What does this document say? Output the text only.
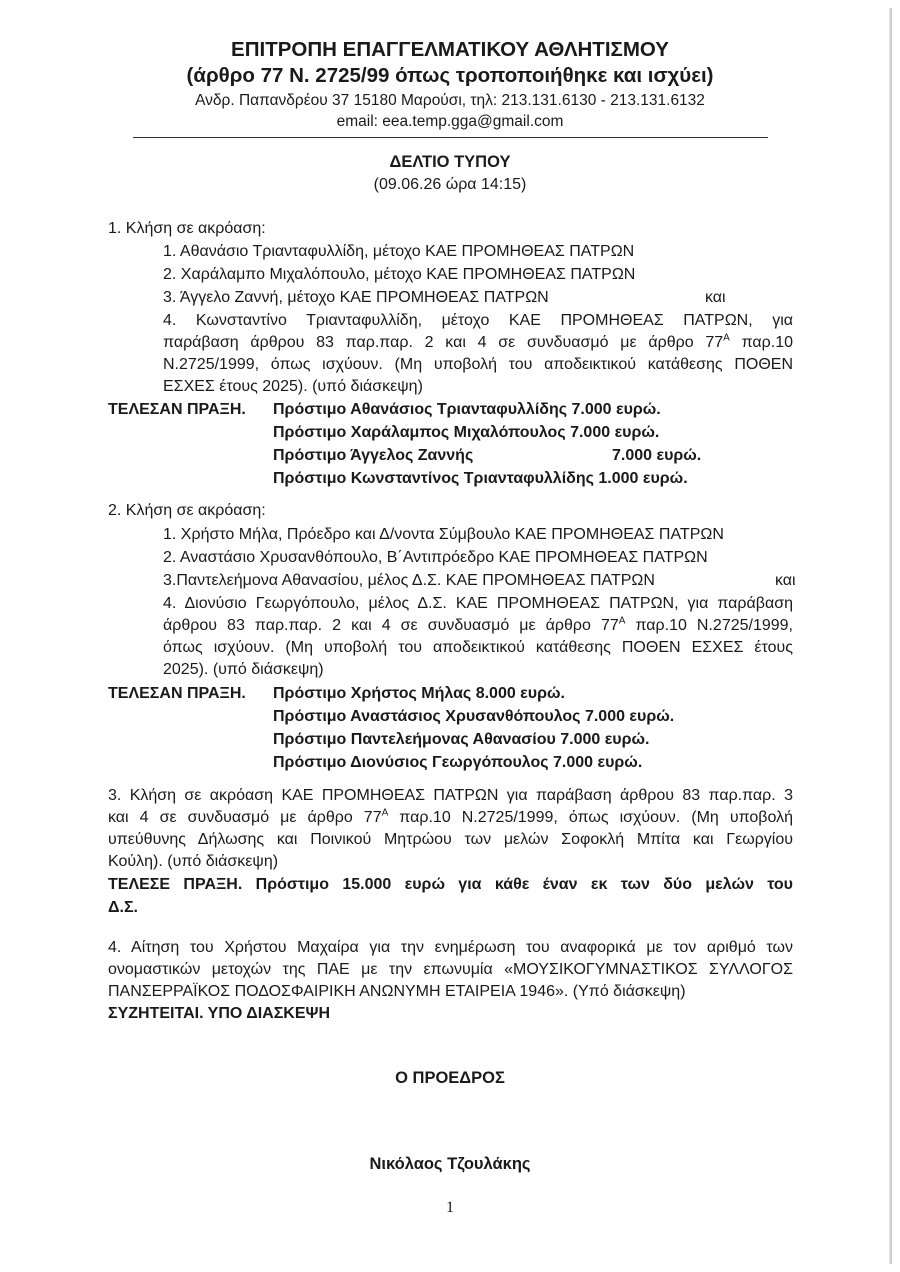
ΕΠΙΤΡΟΠΗ ΕΠΑΓΓΕΛΜΑΤΙΚΟΥ ΑΘΛΗΤΙΣΜΟΥ
(άρθρο 77 Ν. 2725/99 όπως τροποποιήθηκε και ισχύει)
Ανδρ. Παπανδρέου 37 15180 Μαρούσι, τηλ: 213.131.6130 - 213.131.6132
email: eea.temp.gga@gmail.com
ΔΕΛΤΙΟ ΤΥΠΟΥ
(09.06.26 ώρα 14:15)
1. Κλήση σε ακρόαση:
1. Αθανάσιο Τριανταφυλλίδη, μέτοχο ΚΑΕ ΠΡΟΜΗΘΕΑΣ ΠΑΤΡΩΝ
2. Χαράλαμπο Μιχαλόπουλο, μέτοχο ΚΑΕ ΠΡΟΜΗΘΕΑΣ ΠΑΤΡΩΝ
3. Άγγελο Ζαννή, μέτοχο ΚΑΕ ΠΡΟΜΗΘΕΑΣ ΠΑΤΡΩΝ	και
4. Κωνσταντίνο Τριανταφυλλίδη, μέτοχο ΚΑΕ ΠΡΟΜΗΘΕΑΣ ΠΑΤΡΩΝ, για
παράβαση άρθρου 83 παρ.παρ. 2 και 4 σε συνδυασμό με άρθρο $77^A$ παρ.10
Ν.2725/1999, όπως ισχύουν. (Μη υποβολή του αποδεικτικού κατάθεσης ΠΟΘΕΝ
ΕΣΧΕΣ έτους 2025). (υπό διάσκεψη)
ΤΕΛΕΣΑΝ ΠΡΑΞΗ. Πρόστιμο Αθανάσιος Τριανταφυλλίδης 7.000 ευρώ.
Πρόστιμο Χαράλαμπος Μιχαλόπουλος 7.000 ευρώ.
Πρόστιμο Άγγελος Ζαννής	7.000 ευρώ.
Πρόστιμο Κωνσταντίνος Τριανταφυλλίδης 1.000 ευρώ.
2. Κλήση σε ακρόαση:
1. Χρήστο Μήλα, Πρόεδρο και Δ/νοντα Σύμβουλο ΚΑΕ ΠΡΟΜΗΘΕΑΣ ΠΑΤΡΩΝ
2. Αναστάσιο Χρυσανθόπουλο, Β΄Αντιπρόεδρο ΚΑΕ ΠΡΟΜΗΘΕΑΣ ΠΑΤΡΩΝ
3.Παντελεήμονα Αθανασίου, μέλος Δ.Σ. ΚΑΕ ΠΡΟΜΗΘΕΑΣ ΠΑΤΡΩΝ	και
4. Διονύσιο Γεωργόπουλο, μέλος Δ.Σ. ΚΑΕ ΠΡΟΜΗΘΕΑΣ ΠΑΤΡΩΝ, για παράβαση
άρθρου 83 παρ.παρ. 2 και 4 σε συνδυασμό με άρθρο $77^A$ παρ.10 Ν.2725/1999,
όπως ισχύουν. (Μη υποβολή του αποδεικτικού κατάθεσης ΠΟΘΕΝ ΕΣΧΕΣ έτους
2025). (υπό διάσκεψη)
ΤΕΛΕΣΑΝ ΠΡΑΞΗ. Πρόστιμο Χρήστος Μήλας 8.000 ευρώ.
Πρόστιμο Αναστάσιος Χρυσανθόπουλος 7.000 ευρώ.
Πρόστιμο Παντελεήμονας Αθανασίου 7.000 ευρώ.
Πρόστιμο Διονύσιος Γεωργόπουλος 7.000 ευρώ.
3. Κλήση σε ακρόαση ΚΑΕ ΠΡΟΜΗΘΕΑΣ ΠΑΤΡΩΝ για παράβαση άρθρου 83 παρ.παρ. 3
και 4 σε συνδυασμό με άρθρο $77^A$ παρ.10 Ν.2725/1999, όπως ισχύουν. (Μη υποβολή
υπεύθυνης Δήλωσης και Ποινικού Μητρώου των μελών Σοφοκλή Μπίτα και Γεωργίου
Κούλη). (υπό διάσκεψη)
ΤΕΛΕΣΕ ΠΡΑΞΗ. Πρόστιμο 15.000 ευρώ για κάθε έναν εκ των δύο μελών του
Δ.Σ.
4. Αίτηση του Χρήστου Μαχαίρα για την ενημέρωση του αναφορικά με τον αριθμό των
ονομαστικών μετοχών της ΠΑΕ με την επωνυμία «ΜΟΥΣΙΚΟΓΥΜΝΑΣΤΙΚΟΣ ΣΥΛΛΟΓΟΣ
ΠΑΝΣΕΡΡΑΪΚΟΣ ΠΟΔΟΣΦΑΙΡΙΚΗ ΑΝΩΝΥΜΗ ΕΤΑΙΡΕΙΑ 1946». (Υπό διάσκεψη)
ΣΥΖΗΤΕΙΤΑΙ. ΥΠΟ ΔΙΑΣΚΕΨΗ
Ο ΠΡΟΕΔΡΟΣ
Νικόλαος Τζουλάκης
1
